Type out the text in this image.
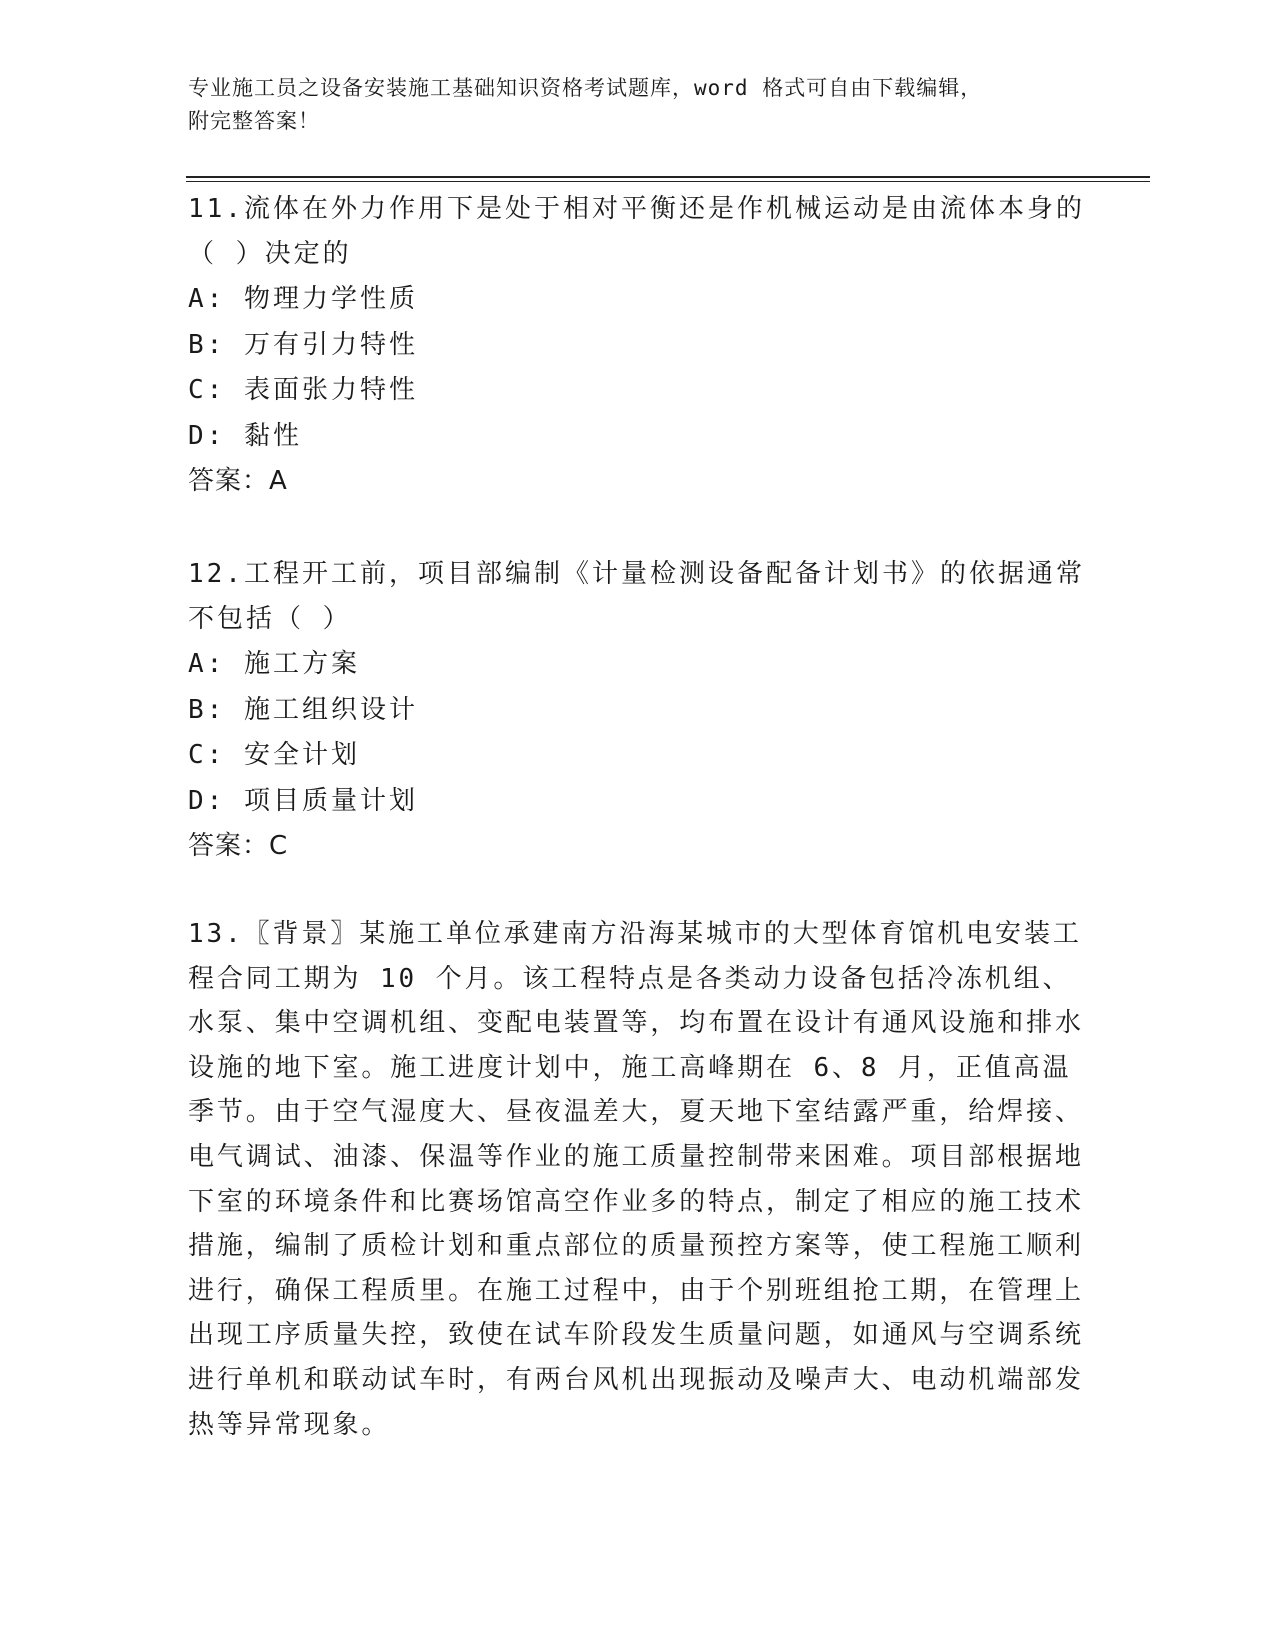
专业施工员之设备安装施工基础知识资格考试题库，word 格式可自由下载编辑，
附完整答案！

11.流体在外力作用下是处于相对平衡还是作机械运动是由流体本身的（ ）决定的

A: 物理力学性质

B: 万有引力特性

C: 表面张力特性

D: 黏性

答案：A

12.工程开工前，项目部编制《计量检测设备配备计划书》的依据通常不包括（ ）

A: 施工方案

B: 施工组织设计

C: 安全计划

D: 项目质量计划

答案：C

13.〖背景〗某施工单位承建南方沿海某城市的大型体育馆机电安装工程合同工期为 10 个月。该工程特点是各类动力设备包括冷冻机组、水泵、集中空调机组、变配电装置等，均布置在设计有通风设施和排水设施的地下室。施工进度计划中，施工高峰期在 6、8 月，正值高温季节。由于空气湿度大、昼夜温差大，夏天地下室结露严重，给焊接、电气调试、油漆、保温等作业的施工质量控制带来困难。项目部根据地下室的环境条件和比赛场馆高空作业多的特点，制定了相应的施工技术措施，编制了质检计划和重点部位的质量预控方案等，使工程施工顺利进行，确保工程质里。在施工过程中，由于个别班组抢工期，在管理上出现工序质量失控，致使在试车阶段发生质量问题，如通风与空调系统进行单机和联动试车时，有两台风机出现振动及噪声大、电动机端部发热等异常现象。
